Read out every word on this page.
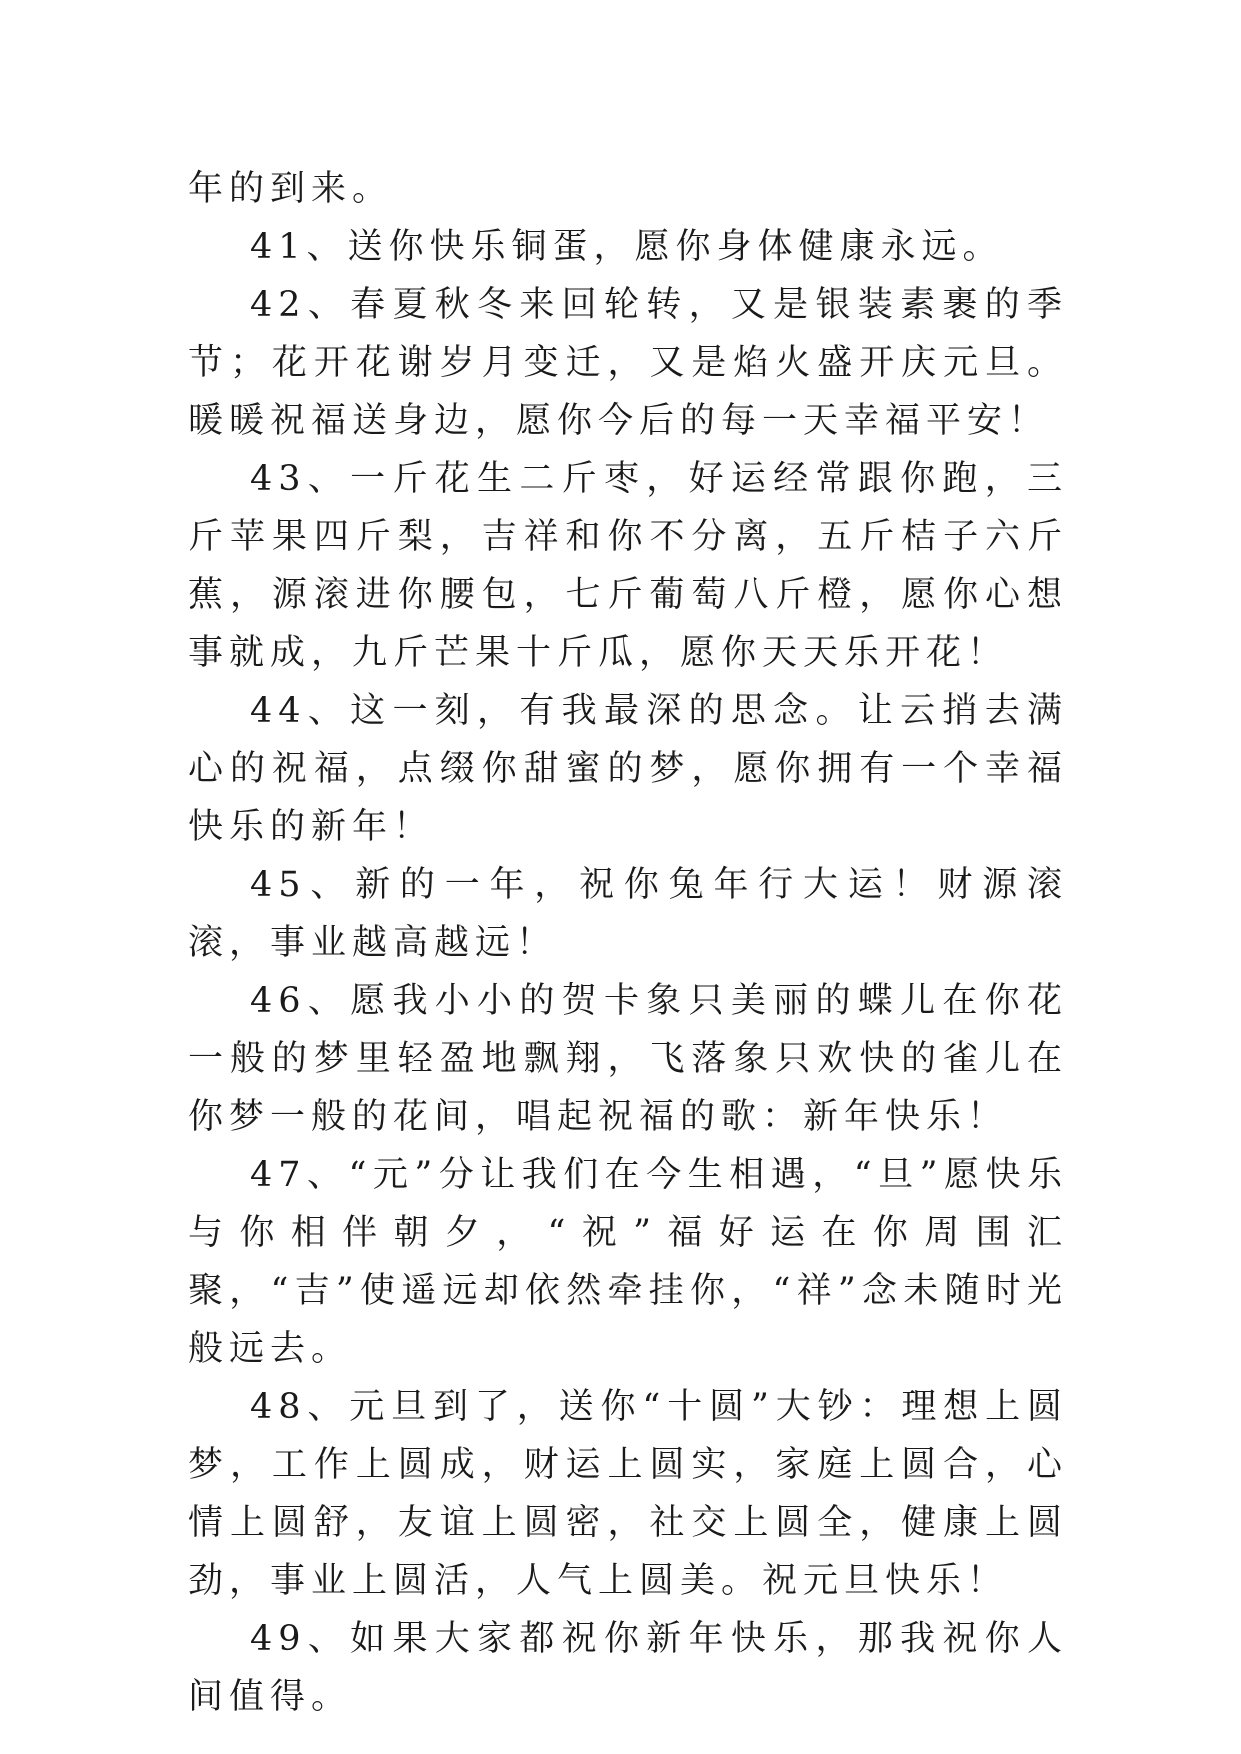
年的到来。

41、送你快乐铜蛋，愿你身体健康永远。

42、春夏秋冬来回轮转，又是银装素裹的季节；花开花谢岁月变迁，又是焰火盛开庆元旦。暖暖祝福送身边，愿你今后的每一天幸福平安！

43、一斤花生二斤枣，好运经常跟你跑，三斤苹果四斤梨，吉祥和你不分离，五斤桔子六斤蕉，源滚进你腰包，七斤葡萄八斤橙，愿你心想事就成，九斤芒果十斤瓜，愿你天天乐开花！

44、这一刻，有我最深的思念。让云捎去满心的祝福，点缀你甜蜜的梦，愿你拥有一个幸福快乐的新年！

45、新的一年，祝你兔年行大运！财源滚滚，事业越高越远！

46、愿我小小的贺卡象只美丽的蝶儿在你花一般的梦里轻盈地飘翔，飞落象只欢快的雀儿在你梦一般的花间，唱起祝福的歌：新年快乐！

47、“元”分让我们在今生相遇，“旦”愿快乐与你相伴朝夕，“祝”福好运在你周围汇聚，“吉”使遥远却依然牵挂你，“祥”念未随时光般远去。

48、元旦到了，送你“十圆”大钞：理想上圆梦，工作上圆成，财运上圆实，家庭上圆合，心情上圆舒，友谊上圆密，社交上圆全，健康上圆劲，事业上圆活，人气上圆美。祝元旦快乐！

49、如果大家都祝你新年快乐，那我祝你人间值得。
